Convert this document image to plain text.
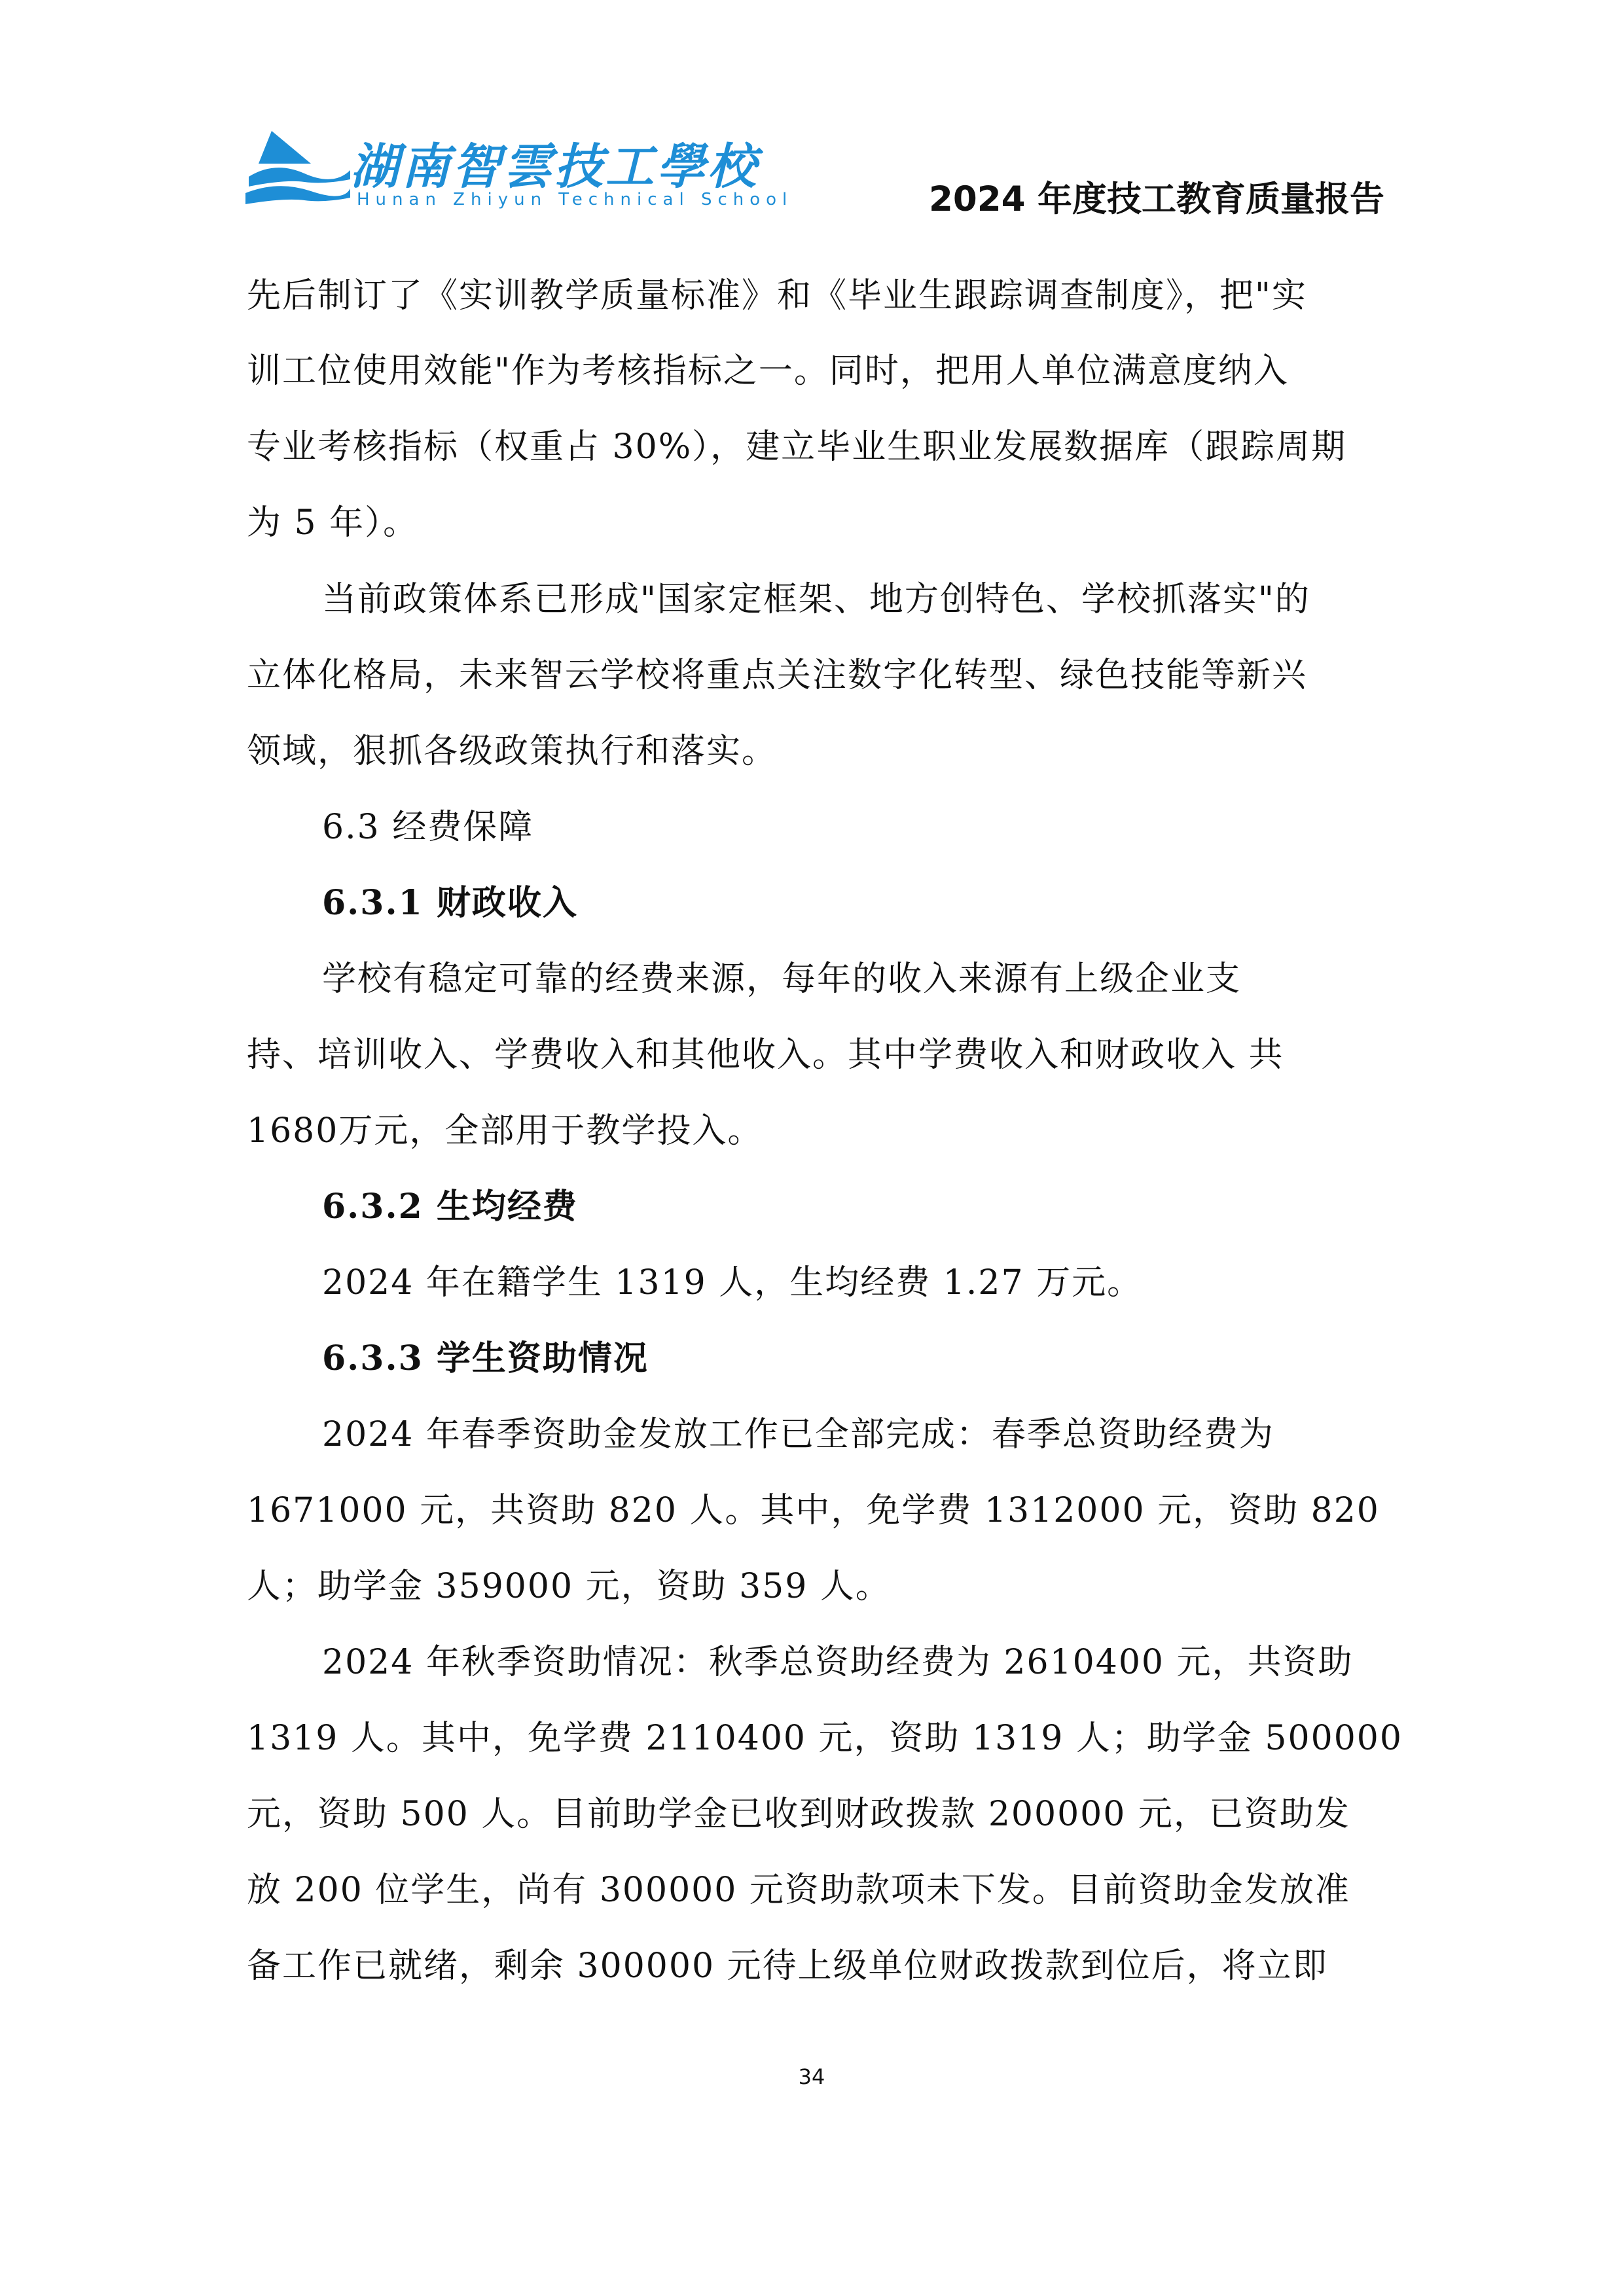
湖南智雲技工學校
Hunan Zhiyun Technical School	2024 年度技工教育质量报告
先后制订了《实训教学质量标准》和《毕业生跟踪调查制度》，把"实
训工位使用效能"作为考核指标之一。同时，把用人单位满意度纳入
专业考核指标（权重占 30%），建立毕业生职业发展数据库（跟踪周期
为 5 年）。
当前政策体系已形成"国家定框架、地方创特色、学校抓落实"的
立体化格局，未来智云学校将重点关注数字化转型、绿色技能等新兴
领域，狠抓各级政策执行和落实。
6.3 经费保障
6.3.1 财政收入
学校有稳定可靠的经费来源，每年的收入来源有上级企业支
持、培训收入、学费收入和其他收入。其中学费收入和财政收入 共
1680万元，全部用于教学投入。
6.3.2 生均经费
2024 年在籍学生 1319 人，生均经费 1.27 万元。
6.3.3 学生资助情况
2024 年春季资助金发放工作已全部完成：春季总资助经费为
1671000 元，共资助 820 人。其中，免学费 1312000 元，资助 820
人；助学金 359000 元，资助 359 人。
2024 年秋季资助情况：秋季总资助经费为 2610400 元，共资助
1319 人。其中，免学费 2110400 元，资助 1319 人；助学金 500000
元，资助 500 人。目前助学金已收到财政拨款 200000 元，已资助发
放 200 位学生，尚有 300000 元资助款项未下发。目前资助金发放准
备工作已就绪，剩余 300000 元待上级单位财政拨款到位后，将立即
34
